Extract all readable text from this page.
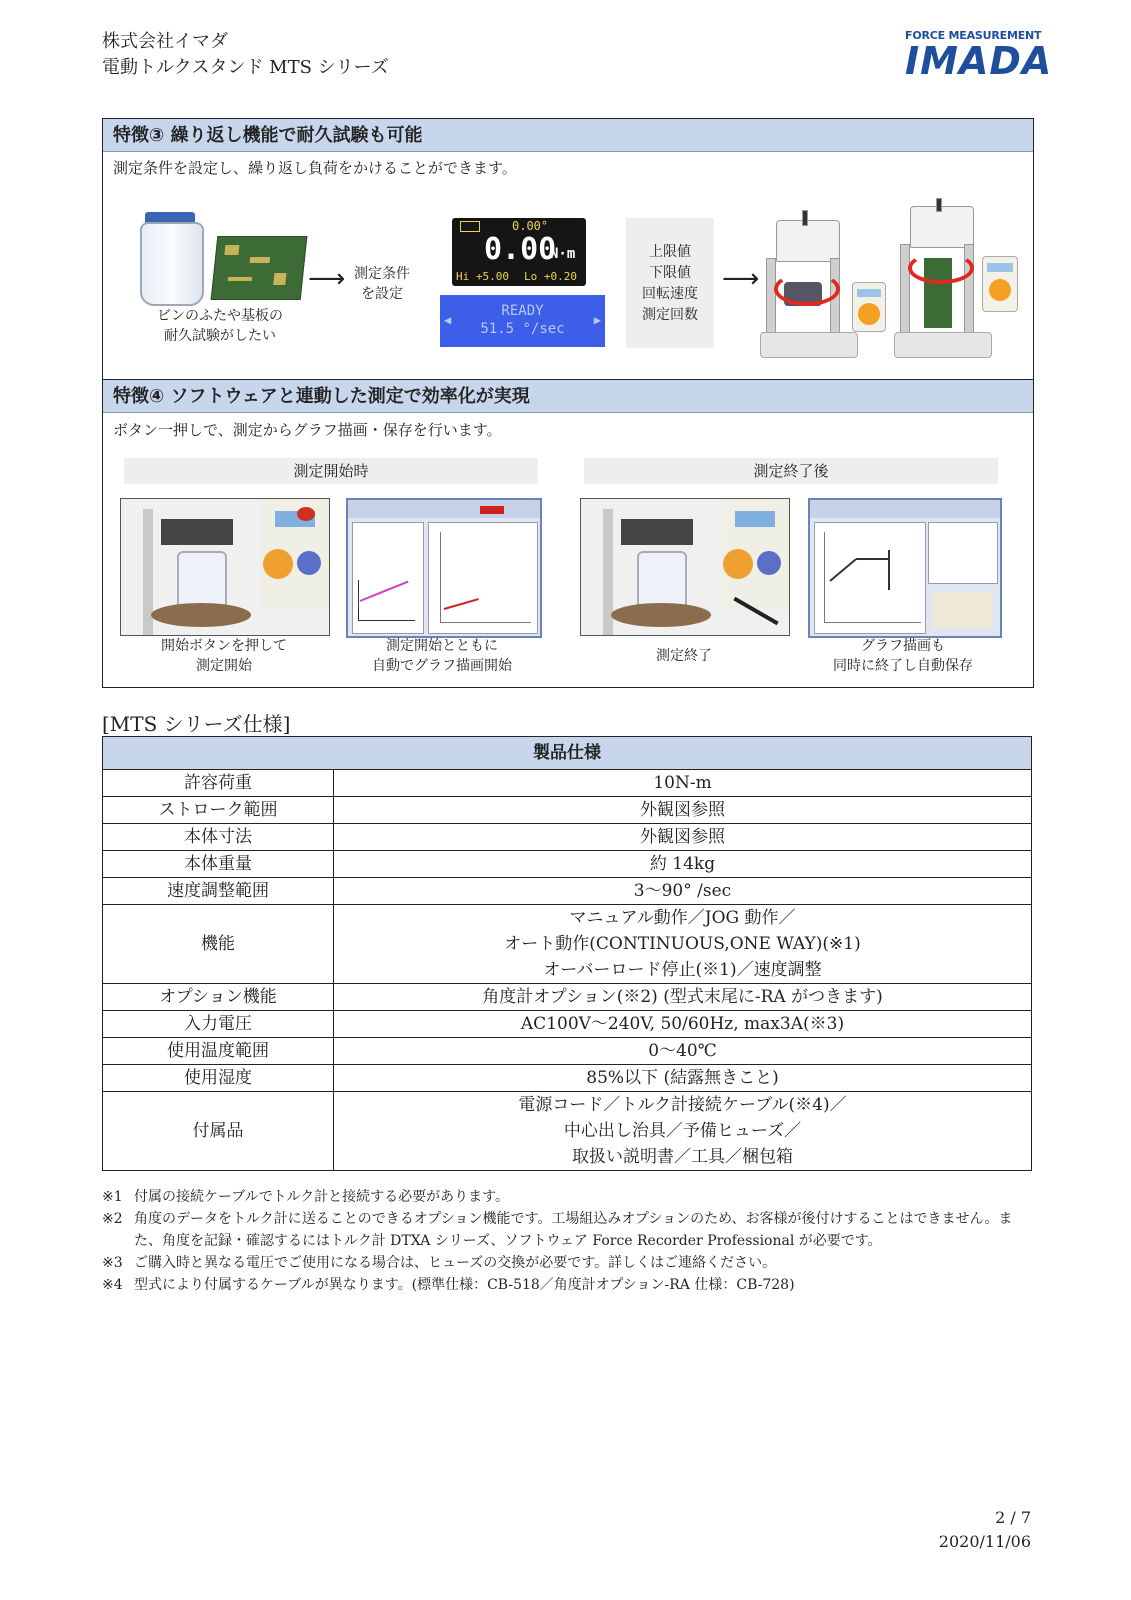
株式会社イマダ
電動トルクスタンド MTS シリーズ
FORCE MEASUREMENT
IMADA
特徴③ 繰り返し機能で耐久試験も可能
測定条件を設定し、繰り返し負荷をかけることができます。
特徴④ ソフトウェアと連動した測定で効率化が実現
ボタン一押しで、測定からグラフ描画・保存を行います。
ビンのふたや基板の
耐久試験がしたい
⟶ 測定条件
を設定
0.00°
0.00
N·m
Hi +5.00 Lo +0.20
READY
51.5 °/sec
◀	▶
上限値
下限値
回転速度
測定回数
⟶
測定開始時	測定終了後
開始ボタンを押して
測定開始
測定開始とともに
自動でグラフ描画開始
測定終了
グラフ描画も
同時に終了し自動保存
[MTS シリーズ仕様]
製品仕様	
許容荷重	10N-m

ストローク範囲	外観図参照

本体寸法	外観図参照

本体重量	約 14kg

速度調整範囲	3～90° /sec

機能	マニュアル動作／JOG 動作／
オート動作(CONTINUOUS,ONE WAY)(※1)
オーバーロード停止(※1)／速度調整

オプション機能	角度計オプション(※2) (型式末尾に-RA がつきます)

入力電圧	AC100V～240V, 50/60Hz, max3A(※3)

使用温度範囲	0～40℃

使用湿度	85%以下 (結露無きこと)

付属品	電源コード／トルク計接続ケーブル(※4)／
中心出し治具／予備ヒューズ／
取扱い説明書／工具／梱包箱
※1 付属の接続ケーブルでトルク計と接続する必要があります。
※2 角度のデータをトルク計に送ることのできるオプション機能です。工場組込みオプションのため、お客様が後付けすることはできません。また、角度を記録・確認するにはトルク計 DTXA シリーズ、ソフトウェア Force Recorder Professional が必要です。
※3 ご購入時と異なる電圧でご使用になる場合は、ヒューズの交換が必要です。詳しくはご連絡ください。
※4 型式により付属するケーブルが異なります。(標準仕様：CB-518／角度計オプション-RA 仕様：CB-728)
2 / 7
2020/11/06
